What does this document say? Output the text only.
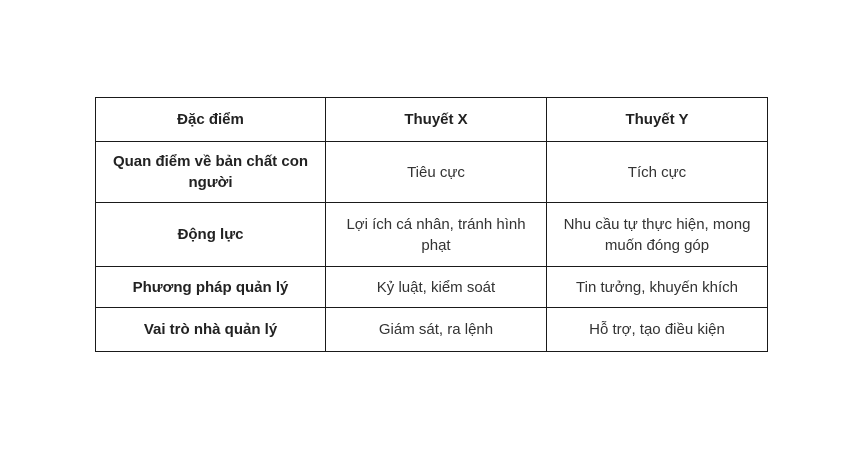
Đặc điểm	Thuyết X	Thuyết Y
Quan điểm về bản chất con người	Tiêu cực	Tích cực
Động lực	Lợi ích cá nhân, tránh hình phạt	Nhu cầu tự thực hiện, mong muốn đóng góp
Phương pháp quản lý	Kỷ luật, kiểm soát	Tin tưởng, khuyến khích
Vai trò nhà quản lý	Giám sát, ra lệnh	Hỗ trợ, tạo điều kiện
